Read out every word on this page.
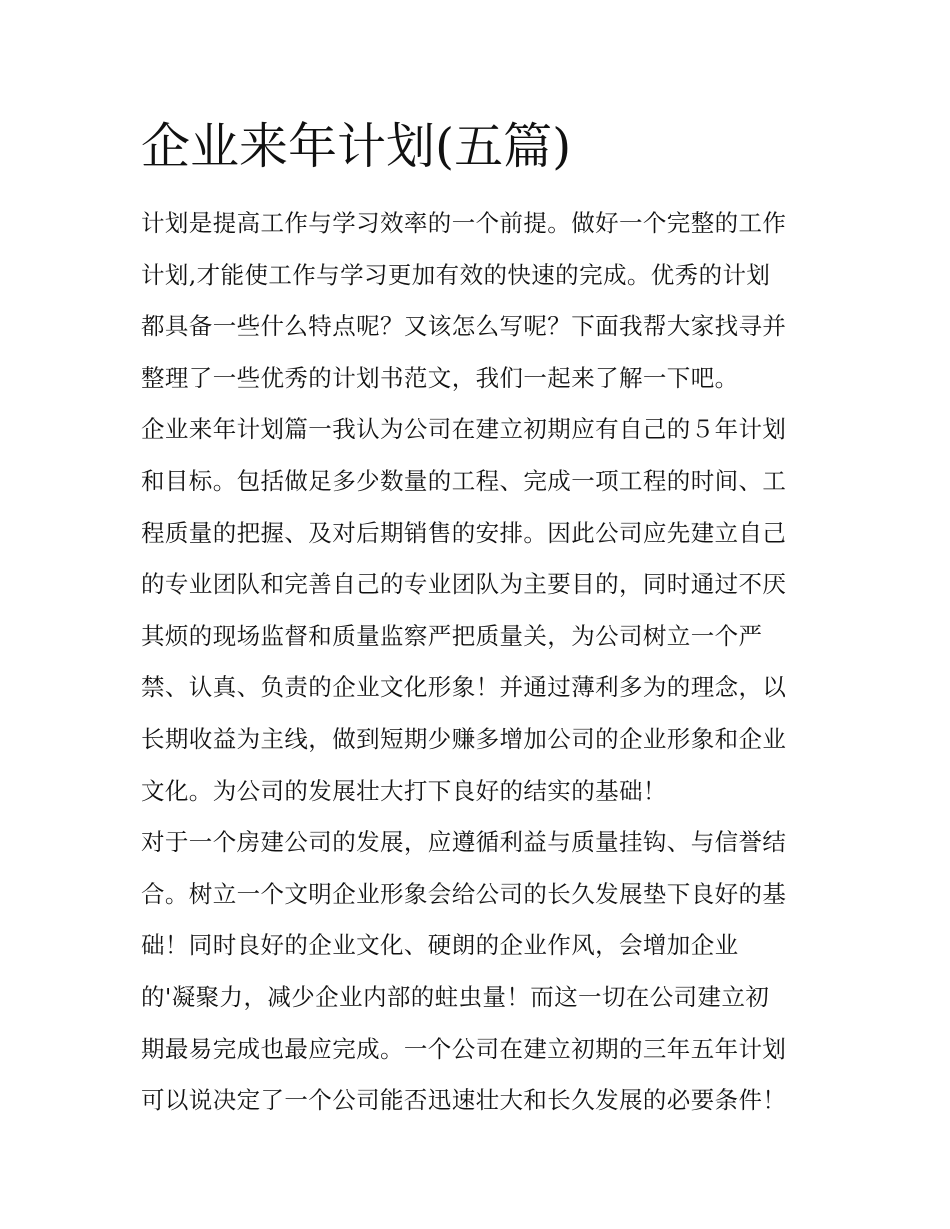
企业来年计划(五篇)
计划是提高工作与学习效率的一个前提。做好一个完整的工作
计划,才能使工作与学习更加有效的快速的完成。优秀的计划
都具备一些什么特点呢？又该怎么写呢？下面我帮大家找寻并
整理了一些优秀的计划书范文，我们一起来了解一下吧。
企业来年计划篇一我认为公司在建立初期应有自己的５年计划
和目标。包括做足多少数量的工程、完成一项工程的时间、工
程质量的把握、及对后期销售的安排。因此公司应先建立自己
的专业团队和完善自己的专业团队为主要目的，同时通过不厌
其烦的现场监督和质量监察严把质量关，为公司树立一个严
禁、认真、负责的企业文化形象！并通过薄利多为的理念，以
长期收益为主线，做到短期少赚多增加公司的企业形象和企业
文化。为公司的发展壮大打下良好的结实的基础！
对于一个房建公司的发展，应遵循利益与质量挂钩、与信誉结
合。树立一个文明企业形象会给公司的长久发展垫下良好的基
础！同时良好的企业文化、硬朗的企业作风，会增加企业
的'凝聚力，减少企业内部的蛀虫量！而这一切在公司建立初
期最易完成也最应完成。一个公司在建立初期的三年五年计划
可以说决定了一个公司能否迅速壮大和长久发展的必要条件！
